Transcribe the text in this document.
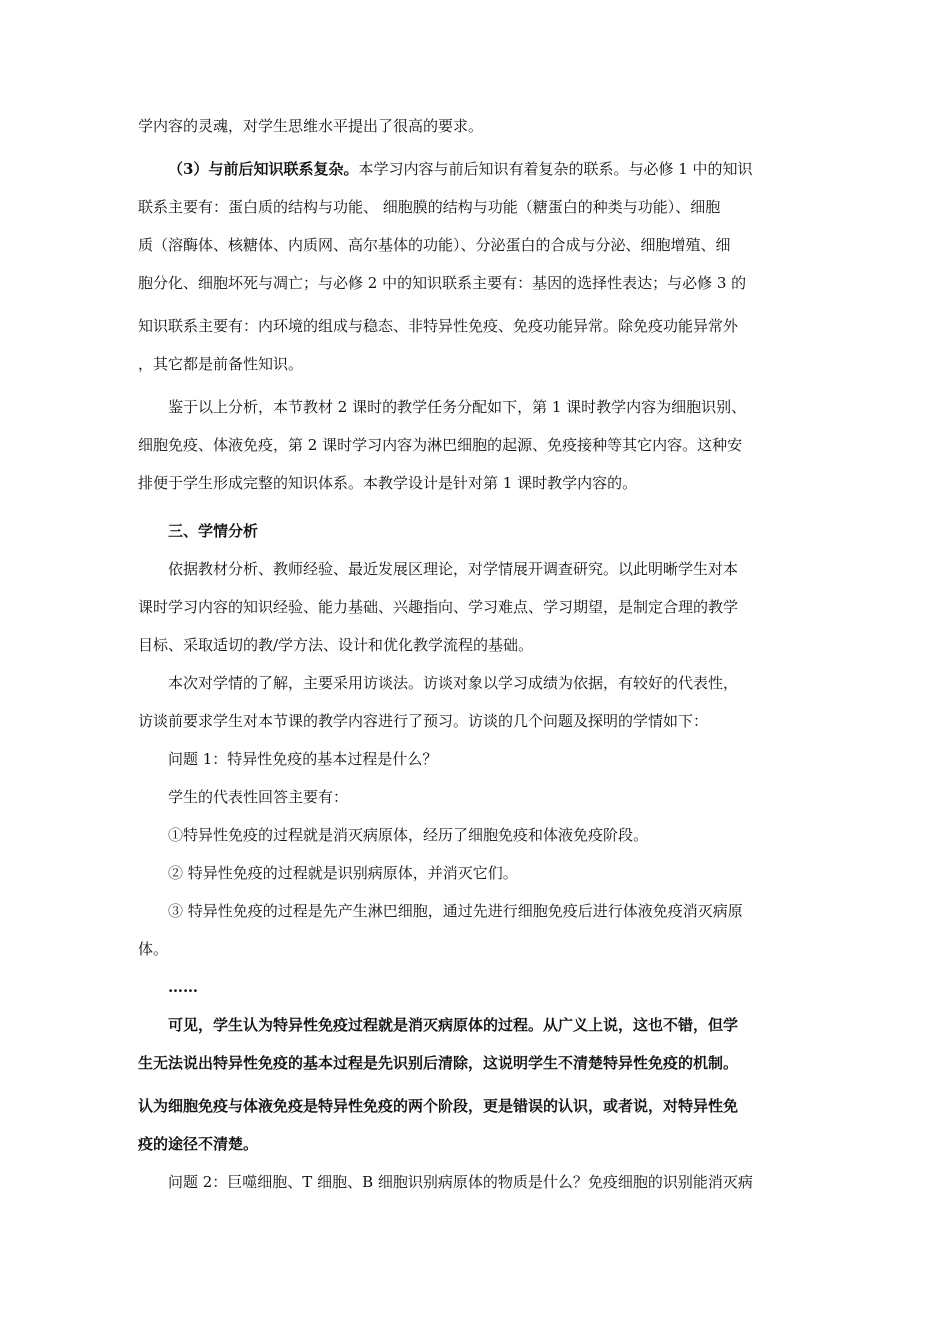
学内容的灵魂，对学生思维水平提出了很高的要求。
（3）与前后知识联系复杂。本学习内容与前后知识有着复杂的联系。与必修 1 中的知识
联系主要有：蛋白质的结构与功能、 细胞膜的结构与功能（糖蛋白的种类与功能）、细胞
质（溶酶体、核糖体、内质网、高尔基体的功能）、分泌蛋白的合成与分泌、细胞增殖、细
胞分化、细胞坏死与凋亡；与必修 2 中的知识联系主要有：基因的选择性表达；与必修 3 的
知识联系主要有：内环境的组成与稳态、非特异性免疫、免疫功能异常。除免疫功能异常外
，其它都是前备性知识。
鉴于以上分析，本节教材 2 课时的教学任务分配如下，第 1 课时教学内容为细胞识别、
细胞免疫、体液免疫，第 2 课时学习内容为淋巴细胞的起源、免疫接种等其它内容。这种安
排便于学生形成完整的知识体系。本教学设计是针对第 1 课时教学内容的。
三、学情分析
依据教材分析、教师经验、最近发展区理论，对学情展开调查研究。以此明晰学生对本
课时学习内容的知识经验、能力基础、兴趣指向、学习难点、学习期望，是制定合理的教学
目标、采取适切的教/学方法、设计和优化教学流程的基础。
本次对学情的了解，主要采用访谈法。访谈对象以学习成绩为依据，有较好的代表性，
访谈前要求学生对本节课的教学内容进行了预习。访谈的几个问题及探明的学情如下：
问题 1：特异性免疫的基本过程是什么？
学生的代表性回答主要有：
①特异性免疫的过程就是消灭病原体，经历了细胞免疫和体液免疫阶段。
② 特异性免疫的过程就是识别病原体，并消灭它们。
③ 特异性免疫的过程是先产生淋巴细胞，通过先进行细胞免疫后进行体液免疫消灭病原
体。
……
可见，学生认为特异性免疫过程就是消灭病原体的过程。从广义上说，这也不错，但学
生无法说出特异性免疫的基本过程是先识别后清除，这说明学生不清楚特异性免疫的机制。
认为细胞免疫与体液免疫是特异性免疫的两个阶段，更是错误的认识，或者说，对特异性免
疫的途径不清楚。
问题 2：巨噬细胞、T 细胞、B 细胞识别病原体的物质是什么？免疫细胞的识别能消灭病
